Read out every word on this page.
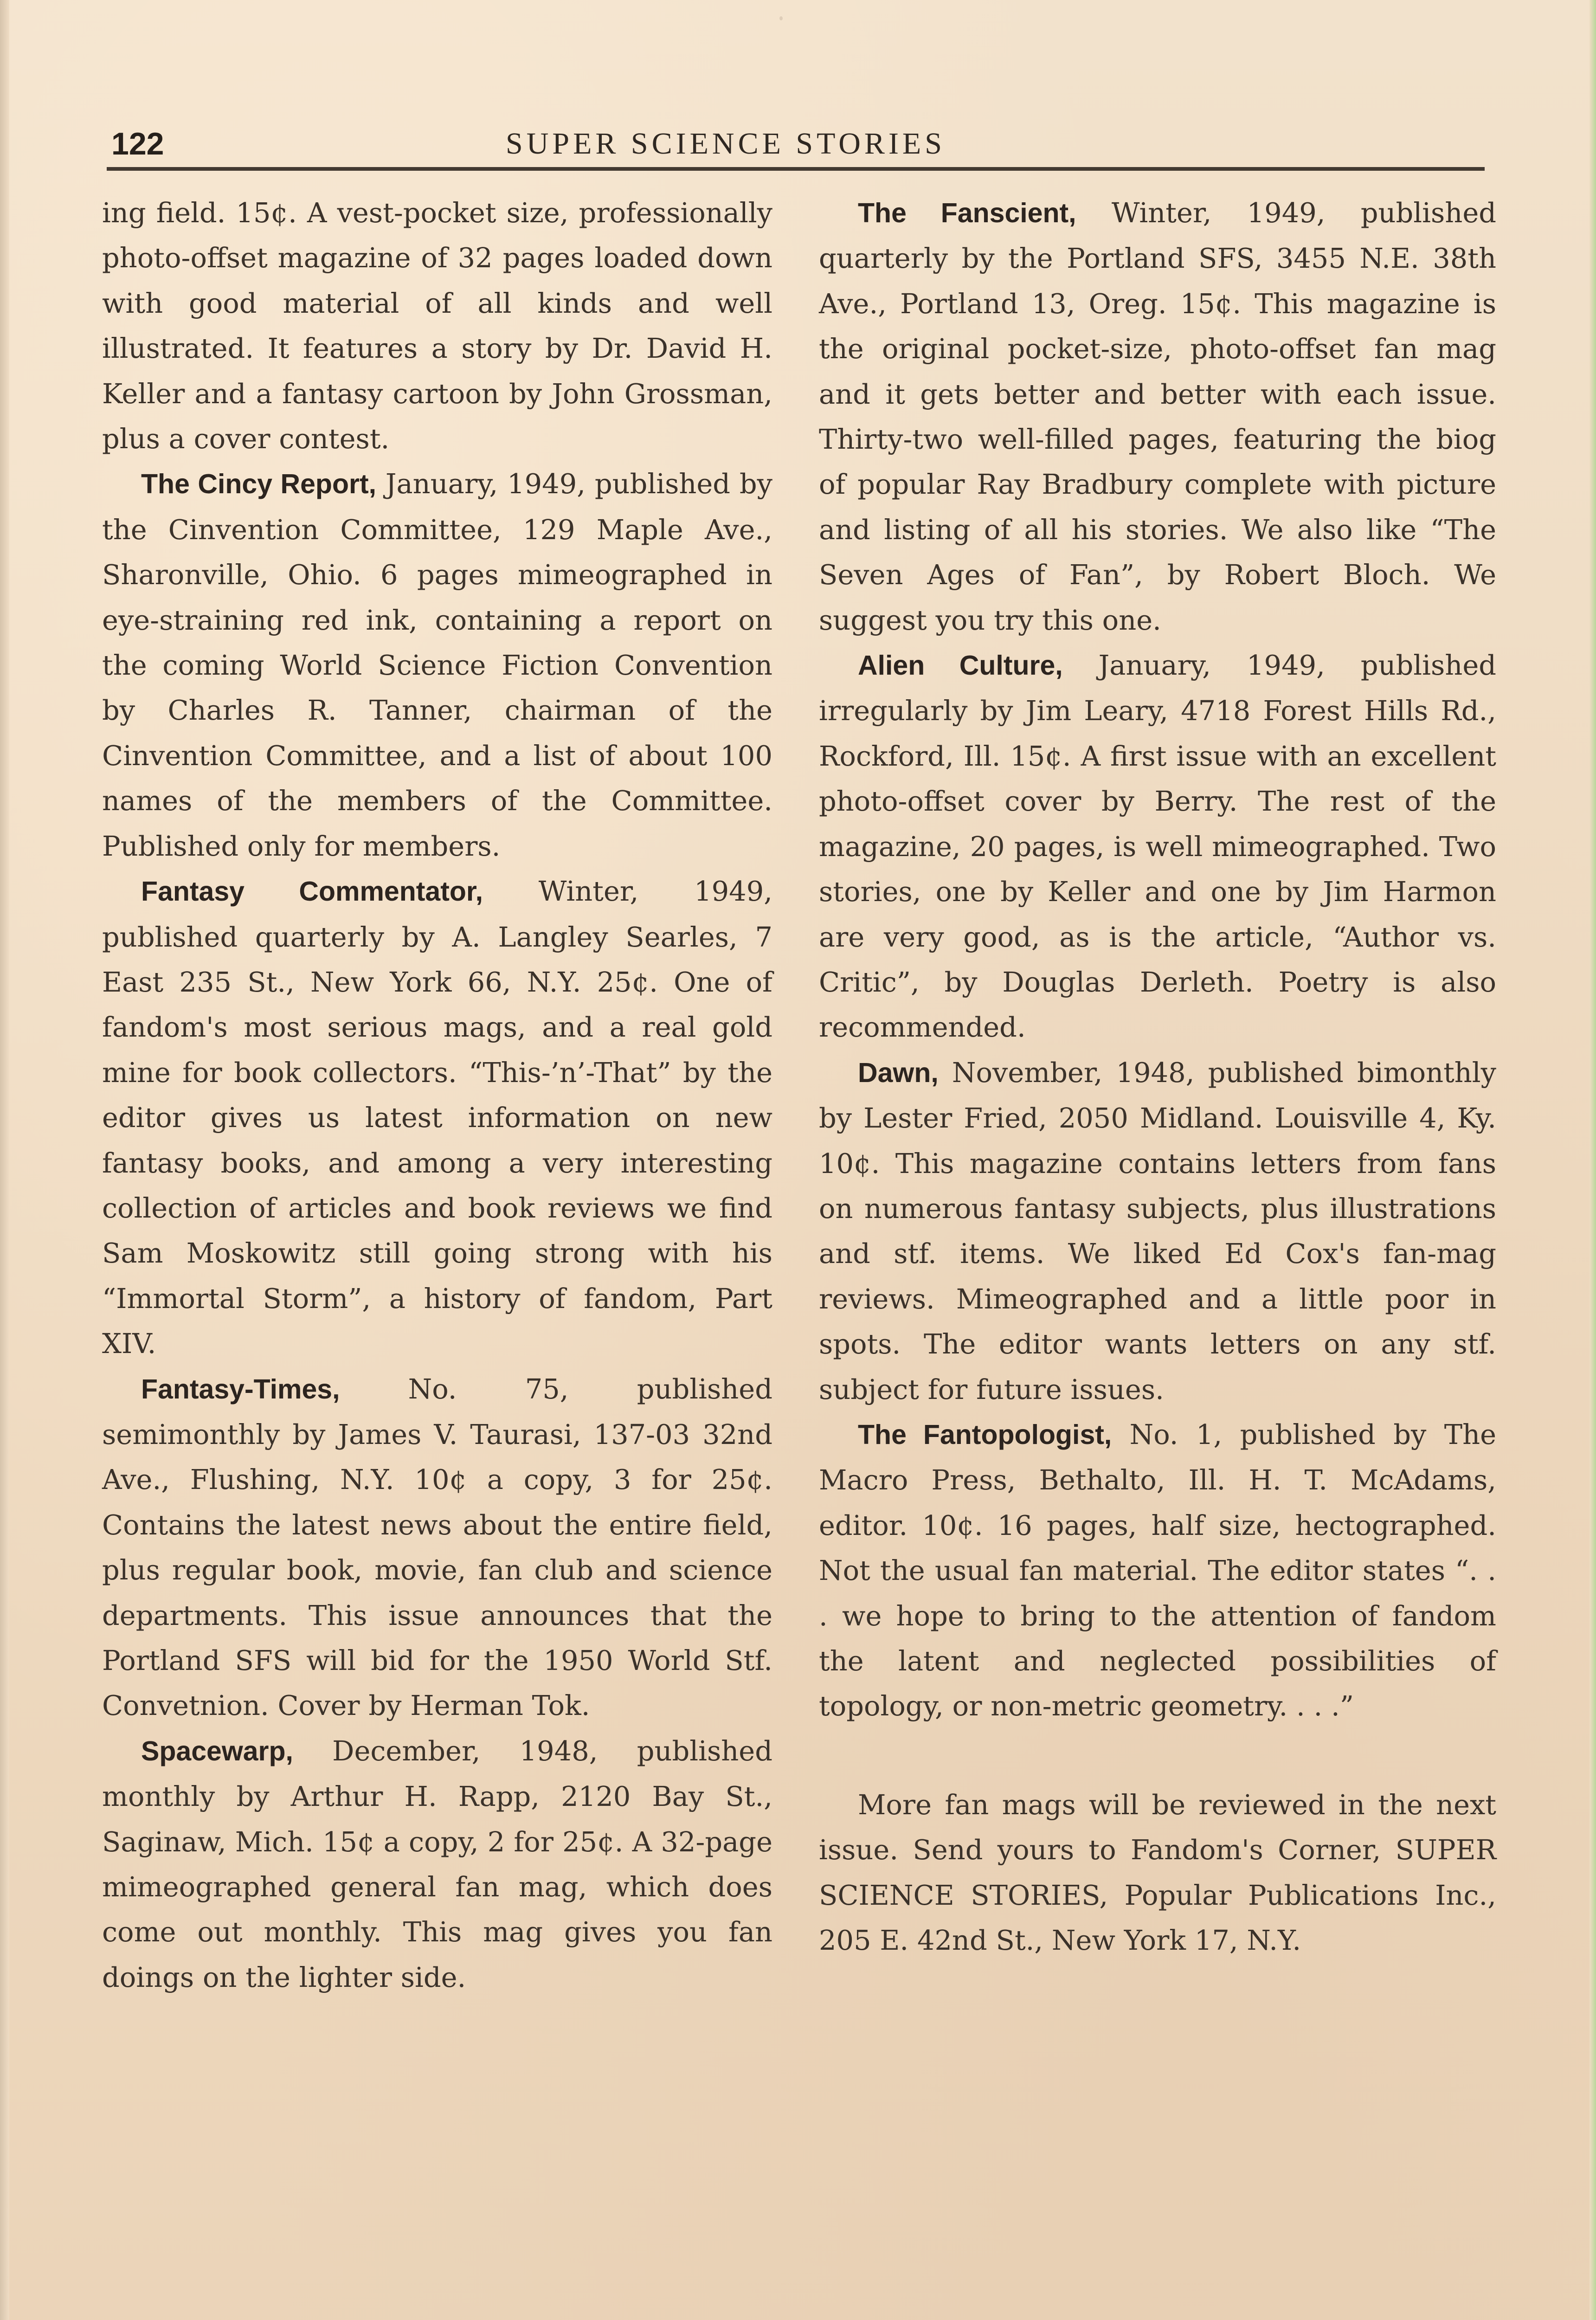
122	SUPER SCIENCE STORIES

ing field. 15¢. A vest-pocket size, professionally photo-offset magazine of 32 pages loaded down with good material of all kinds and well illustrated. It features a story by Dr. David H. Keller and a fantasy cartoon by John Grossman, plus a cover contest.

The Cincy Report, January, 1949, published by the Cinvention Committee, 129 Maple Ave., Sharonville, Ohio. 6 pages mimeographed in eye-straining red ink, containing a report on the coming World Science Fiction Convention by Charles R. Tanner, chairman of the Cinvention Committee, and a list of about 100 names of the members of the Committee. Published only for members.

Fantasy Commentator, Winter, 1949, published quarterly by A. Langley Searles, 7 East 235 St., New York 66, N.Y. 25¢. One of fandom's most serious mags, and a real gold mine for book collectors. “This-’n’-That” by the editor gives us latest information on new fantasy books, and among a very interesting collection of articles and book reviews we find Sam Moskowitz still going strong with his “Immortal Storm”, a history of fandom, Part XIV.

Fantasy-Times, No. 75, published semimonthly by James V. Taurasi, 137-03 32nd Ave., Flushing, N.Y. 10¢ a copy, 3 for 25¢. Contains the latest news about the entire field, plus regular book, movie, fan club and science departments. This issue announces that the Portland SFS will bid for the 1950 World Stf. Convetnion. Cover by Herman Tok.

Spacewarp, December, 1948, published monthly by Arthur H. Rapp, 2120 Bay St., Saginaw, Mich. 15¢ a copy, 2 for 25¢. A 32-page mimeographed general fan mag, which does come out monthly. This mag gives you fan doings on the lighter side.

The Fanscient, Winter, 1949, published quarterly by the Portland SFS, 3455 N.E. 38th Ave., Portland 13, Oreg. 15¢. This magazine is the original pocket-size, photo-offset fan mag and it gets better and better with each issue. Thirty-two well-filled pages, featuring the biog of popular Ray Bradbury complete with picture and listing of all his stories. We also like “The Seven Ages of Fan”, by Robert Bloch. We suggest you try this one.

Alien Culture, January, 1949, published irregularly by Jim Leary, 4718 Forest Hills Rd., Rockford, Ill. 15¢. A first issue with an excellent photo-offset cover by Berry. The rest of the magazine, 20 pages, is well mimeographed. Two stories, one by Keller and one by Jim Harmon are very good, as is the article, “Author vs. Critic”, by Douglas Derleth. Poetry is also recommended.

Dawn, November, 1948, published bimonthly by Lester Fried, 2050 Midland. Louisville 4, Ky. 10¢. This magazine contains letters from fans on numerous fantasy subjects, plus illustrations and stf. items. We liked Ed Cox's fan-mag reviews. Mimeographed and a little poor in spots. The editor wants letters on any stf. subject for future issues.

The Fantopologist, No. 1, published by The Macro Press, Bethalto, Ill. H. T. McAdams, editor. 10¢. 16 pages, half size, hectographed. Not the usual fan material. The editor states “. . . we hope to bring to the attention of fandom the latent and neglected possibilities of topology, or non-metric geometry. . . .”

More fan mags will be reviewed in the next issue. Send yours to Fandom's Corner, SUPER SCIENCE STORIES, Popular Publications Inc., 205 E. 42nd St., New York 17, N.Y.
